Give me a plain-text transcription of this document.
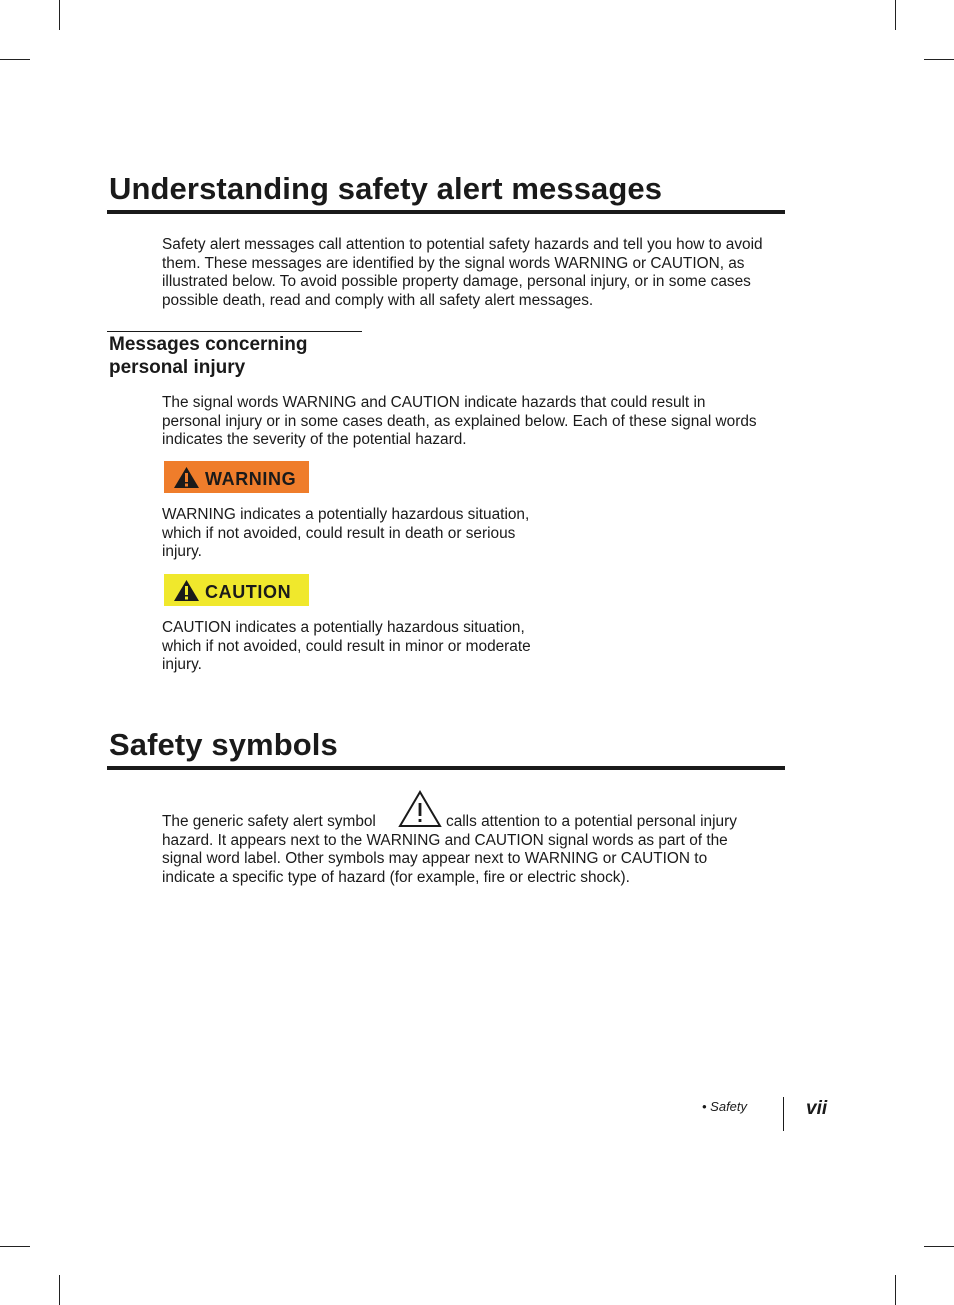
Understanding safety alert messages

Safety alert messages call attention to potential safety hazards and tell you how to avoid them. These messages are identified by the signal words WARNING or CAUTION, as illustrated below. To avoid possible property damage, personal injury, or in some cases possible death, read and comply with all safety alert messages.

Messages concerning personal injury

The signal words WARNING and CAUTION indicate hazards that could result in personal injury or in some cases death, as explained below. Each of these signal words indicates the severity of the potential hazard.

WARNING

WARNING indicates a potentially hazardous situation, which if not avoided, could result in death or serious injury.

CAUTION

CAUTION indicates a potentially hazardous situation, which if not avoided, could result in minor or moderate injury.

Safety symbols
The generic safety alert symbol	calls attention to a potential personal injury hazard. It appears next to the WARNING and CAUTION signal words as part of the signal word label. Other symbols may appear next to WARNING or CAUTION to indicate a specific type of hazard (for example, fire or electric shock).

• Safety	vii
